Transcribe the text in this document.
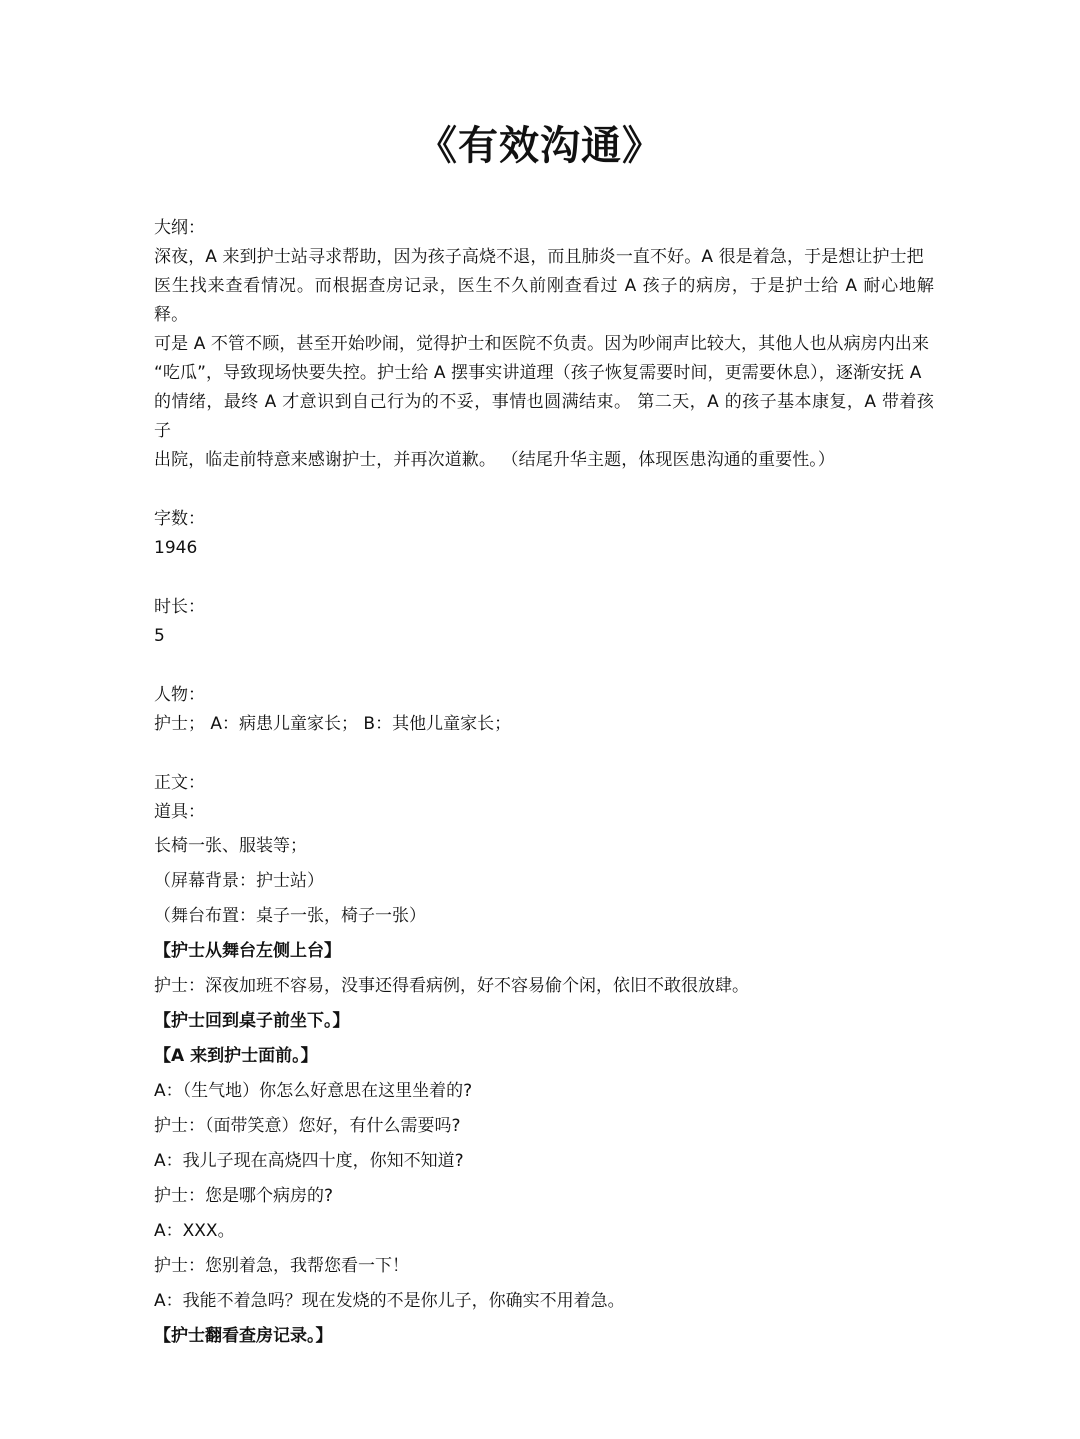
《有效沟通》
大纲：
深夜，A 来到护士站寻求帮助，因为孩子高烧不退，而且肺炎一直不好。A 很是着急，于是想让护士把
医生找来查看情况。而根据查房记录，医生不久前刚查看过 A 孩子的病房，于是护士给 A 耐心地解释。
可是 A 不管不顾，甚至开始吵闹，觉得护士和医院不负责。因为吵闹声比较大，其他人也从病房内出来
“吃瓜”，导致现场快要失控。护士给 A 摆事实讲道理（孩子恢复需要时间，更需要休息），逐渐安抚 A
的情绪，最终 A 才意识到自己行为的不妥，事情也圆满结束。 第二天，A 的孩子基本康复，A 带着孩子
出院，临走前特意来感谢护士，并再次道歉。 （结尾升华主题，体现医患沟通的重要性。）
字数：
1946
时长：
5
人物：
护士； A：病患儿童家长； B：其他儿童家长；
正文：
道具：
长椅一张、服装等；
（屏幕背景：护士站）
（舞台布置：桌子一张，椅子一张）
【护士从舞台左侧上台】
护士：深夜加班不容易，没事还得看病例，好不容易偷个闲，依旧不敢很放肆。
【护士回到桌子前坐下。】
【A 来到护士面前。】
A：（生气地）你怎么好意思在这里坐着的?
护士：（面带笑意）您好，有什么需要吗?
A：我儿子现在高烧四十度，你知不知道?
护士：您是哪个病房的?
A：XXX。
护士：您别着急，我帮您看一下！
A：我能不着急吗？现在发烧的不是你儿子，你确实不用着急。
【护士翻看查房记录。】
